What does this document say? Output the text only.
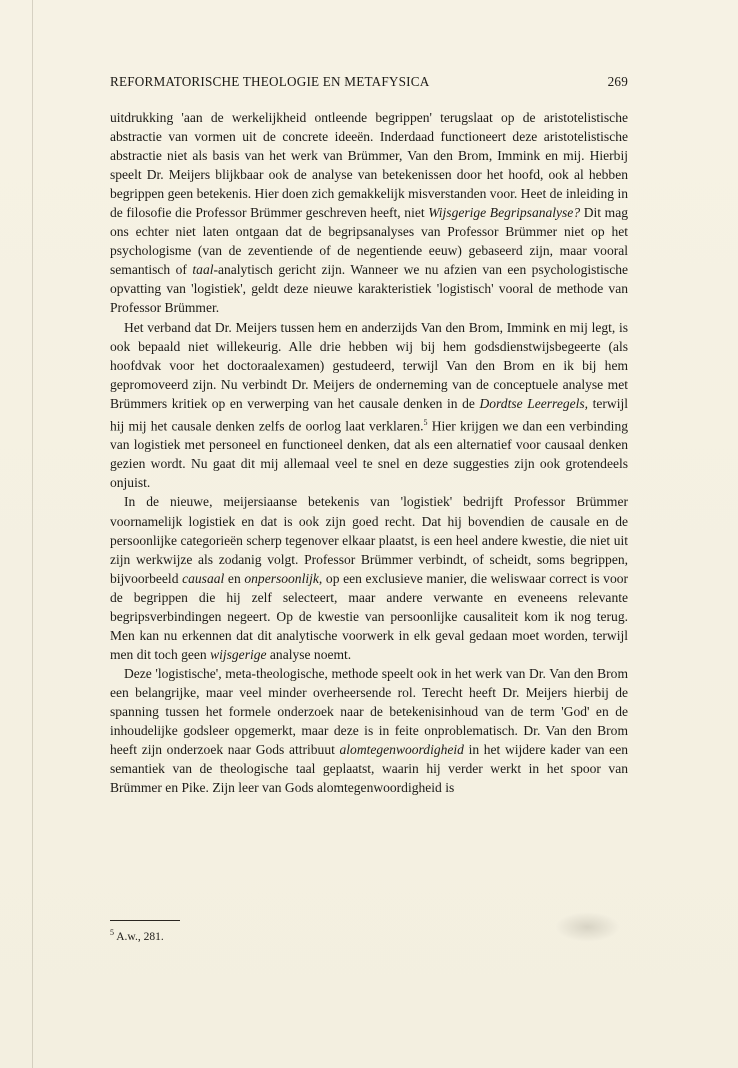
REFORMATORISCHE THEOLOGIE EN METAFYSICA	269

uitdrukking 'aan de werkelijkheid ontleende begrippen' terugslaat op de aristotelistische abstractie van vormen uit de concrete ideeën. Inderdaad functioneert deze aristotelistische abstractie niet als basis van het werk van Brümmer, Van den Brom, Immink en mij. Hierbij speelt Dr. Meijers blijkbaar ook de analyse van betekenissen door het hoofd, ook al hebben begrippen geen betekenis. Hier doen zich gemakkelijk misverstanden voor. Heet de inleiding in de filosofie die Professor Brümmer geschreven heeft, niet Wijsgerige Begripsanalyse? Dit mag ons echter niet laten ontgaan dat de begripsanalyses van Professor Brümmer niet op het psychologisme (van de zeventiende of de negentiende eeuw) gebaseerd zijn, maar vooral semantisch of taal-analytisch gericht zijn. Wanneer we nu afzien van een psychologistische opvatting van 'logistiek', geldt deze nieuwe karakteristiek 'logistisch' vooral de methode van Professor Brümmer.

Het verband dat Dr. Meijers tussen hem en anderzijds Van den Brom, Immink en mij legt, is ook bepaald niet willekeurig. Alle drie hebben wij bij hem godsdienstwijsbegeerte (als hoofdvak voor het doctoraalexamen) gestudeerd, terwijl Van den Brom en ik bij hem gepromoveerd zijn. Nu verbindt Dr. Meijers de onderneming van de conceptuele analyse met Brümmers kritiek op en verwerping van het causale denken in de Dordtse Leerregels, terwijl hij mij het causale denken zelfs de oorlog laat verklaren.$^5$ Hier krijgen we dan een verbinding van logistiek met personeel en functioneel denken, dat als een alternatief voor causaal denken gezien wordt. Nu gaat dit mij allemaal veel te snel en deze suggesties zijn ook grotendeels onjuist.

In de nieuwe, meijersiaanse betekenis van 'logistiek' bedrijft Professor Brümmer voornamelijk logistiek en dat is ook zijn goed recht. Dat hij bovendien de causale en de persoonlijke categorieën scherp tegenover elkaar plaatst, is een heel andere kwestie, die niet uit zijn werkwijze als zodanig volgt. Professor Brümmer verbindt, of scheidt, soms begrippen, bijvoorbeeld causaal en onpersoonlijk, op een exclusieve manier, die weliswaar correct is voor de begrippen die hij zelf selecteert, maar andere verwante en eveneens relevante begripsverbindingen negeert. Op de kwestie van persoonlijke causaliteit kom ik nog terug. Men kan nu erkennen dat dit analytische voorwerk in elk geval gedaan moet worden, terwijl men dit toch geen wijsgerige analyse noemt.

Deze 'logistische', meta-theologische, methode speelt ook in het werk van Dr. Van den Brom een belangrijke, maar veel minder overheersende rol. Terecht heeft Dr. Meijers hierbij de spanning tussen het formele onderzoek naar de betekenisinhoud van de term 'God' en de inhoudelijke godsleer opgemerkt, maar deze is in feite onproblematisch. Dr. Van den Brom heeft zijn onderzoek naar Gods attribuut alomtegenwoordigheid in het wijdere kader van een semantiek van de theologische taal geplaatst, waarin hij verder werkt in het spoor van Brümmer en Pike. Zijn leer van Gods alomtegenwoordigheid is

$^5$ A.w., 281.
